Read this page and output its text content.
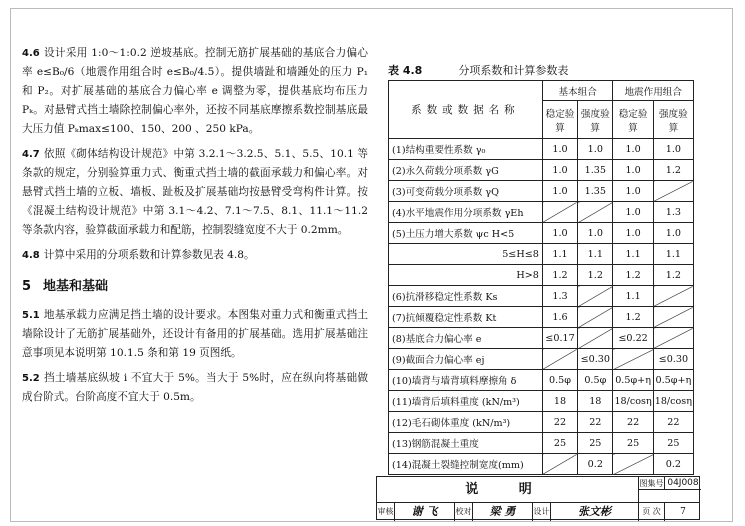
4.6 设计采用 1:0～1:0.2 逆坡基底。控制无筋扩展基础的基底合力偏心率 e≤B₀/6（地震作用组合时 e≤B₀/4.5）。提供墙趾和墙踵处的压力 P₁ 和 P₂。对扩展基础的基底合力偏心率 e 调整为零，提供基底均布压力 Pₖ。对悬臂式挡土墙除控制偏心率外，还按不同基底摩擦系数控制基底最大压力值 Pₖmax≤100、150、200 、250 kPa。

4.7 依照《砌体结构设计规范》中第 3.2.1～3.2.5、5.1、5.5、10.1 等条款的规定，分别验算重力式、衡重式挡土墙的截面承载力和偏心率。对悬臂式挡土墙的立板、墙板、趾板及扩展基础均按悬臂受弯构件计算。按《混凝土结构设计规范》中第 3.1～4.2、7.1～7.5、8.1、11.1～11.2 等条款内容，验算截面承载力和配筋，控制裂缝宽度不大于 0.2mm。

4.8 计算中采用的分项系数和计算参数见表 4.8。

5 地基和基础

5.1 地基承载力应满足挡土墙的设计要求。本图集对重力式和衡重式挡土墙除设计了无筋扩展基础外，还设计有备用的扩展基础。选用扩展基础注意事项见本说明第 10.1.5 条和第 19 页图纸。

5.2 挡土墙基底纵坡 i 不宜大于 5%。当大于 5%时，应在纵向将基础做成台阶式。台阶高度不宜大于 0.5m。

表 4.8	分项系数和计算参数表
系数或数据名称	基本组合		地震作用组合	
	稳定验算	强度验算	稳定验算	强度验算
(1)结构重要性系数 γ₀	1.0	1.0	1.0	1.0
(2)永久荷载分项系数 γG	1.0	1.35	1.0	1.2
(3)可变荷载分项系数 γQ	1.0	1.35	1.0	
(4)水平地震作用分项系数 γEh			1.0	1.3
(5)土压力增大系数 ψc H<5	1.0	1.0	1.0	1.0
5≤H≤8	1.1	1.1	1.1	1.1
H>8	1.2	1.2	1.2	1.2
(6)抗滑移稳定性系数 Ks	1.3		1.1	
(7)抗倾覆稳定性系数 Kt	1.6		1.2	
(8)基底合力偏心率 e	≤0.17		≤0.22	
(9)截面合力偏心率 ej		≤0.30		≤0.30
(10)墙背与墙背填料摩擦角 δ	0.5φ	0.5φ	0.5φ+η	0.5φ+η
(11)墙背后填料重度 (kN/m³)	18	18	18/cosη	18/cosη
(12)毛石砌体重度 (kN/m³)	22	22	22	22
(13)钢筋混凝土重度	25	25	25	25
(14)混凝土裂缝控制宽度(mm)		0.2		0.2
说 明	图集号 04J008
审核	谢 飞	校对	梁 勇	设计	张文彬	页 次	7
